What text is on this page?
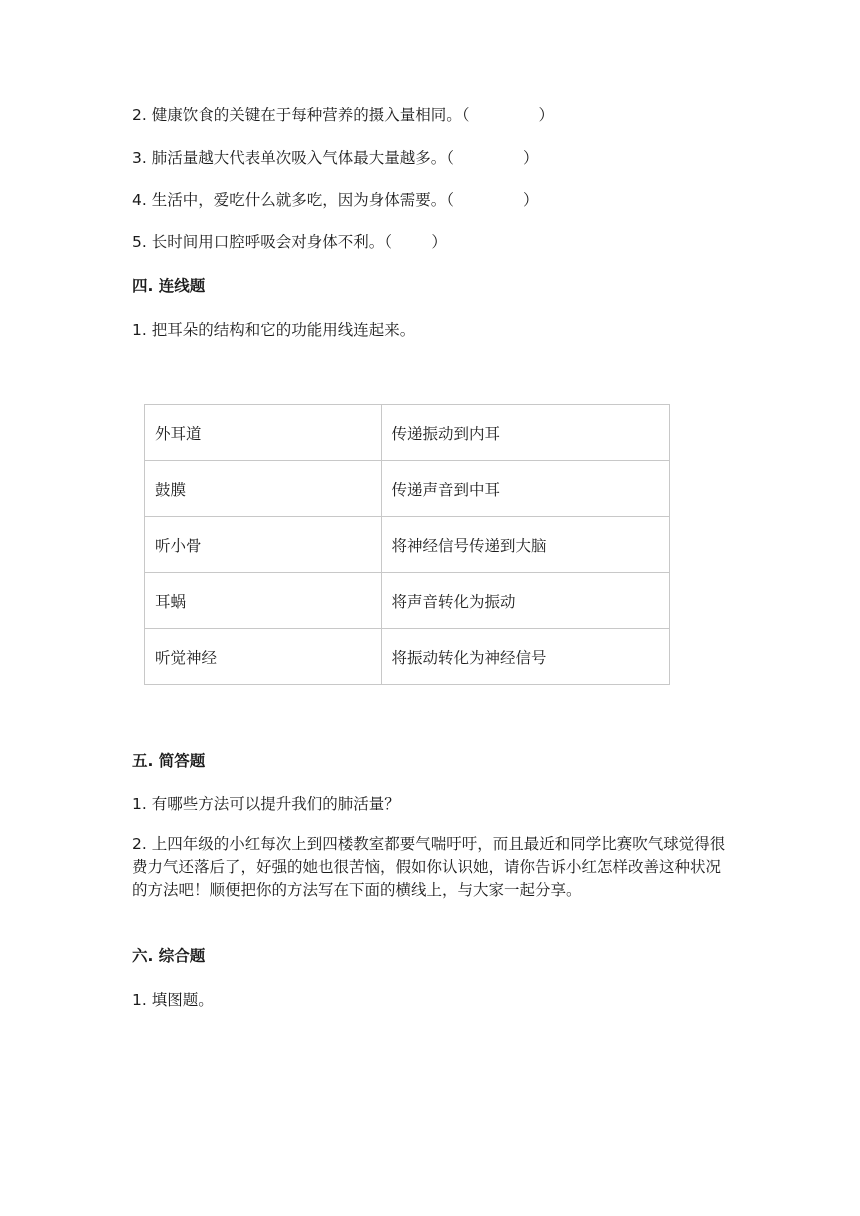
2. 健康饮食的关键在于每种营养的摄入量相同。（              ）
3. 肺活量越大代表单次吸入气体最大量越多。（              ）
4. 生活中，爱吃什么就多吃，因为身体需要。（              ）
5. 长时间用口腔呼吸会对身体不利。（        ）
四. 连线题
1. 把耳朵的结构和它的功能用线连起来。
外耳道	传递振动到内耳
鼓膜	传递声音到中耳
听小骨	将神经信号传递到大脑
耳蜗	将声音转化为振动
听觉神经	将振动转化为神经信号
五. 简答题
1. 有哪些方法可以提升我们的肺活量？
2. 上四年级的小红每次上到四楼教室都要气喘吁吁，而且最近和同学比赛吹气球觉得很费力气还落后了，好强的她也很苦恼，假如你认识她，请你告诉小红怎样改善这种状况的方法吧！顺便把你的方法写在下面的横线上，与大家一起分享。
六. 综合题
1. 填图题。
